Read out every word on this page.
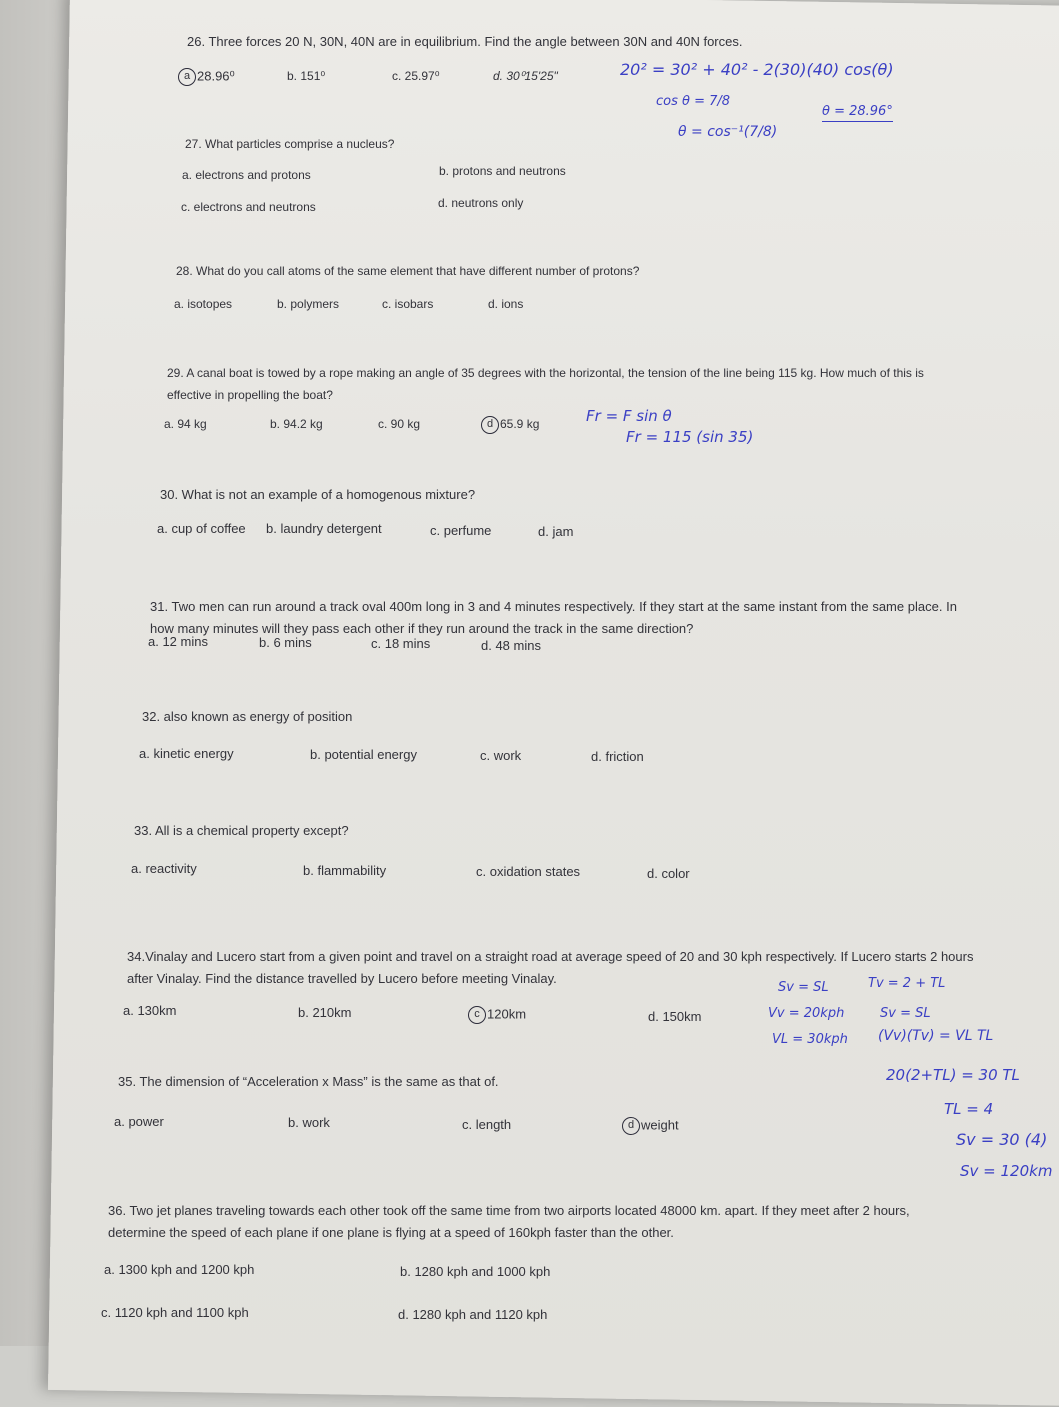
26. Three forces 20 N, 30N, 40N are in equilibrium. Find the angle between 30N and 40N forces.
a 28.96⁰	b. 151⁰	c. 25.97⁰	d. 30⁰15'25"	20² = 30² + 40² - 2(30)(40) cos(θ)
cos θ = 7/8
θ = cos⁻¹(7/8)
θ = 28.96°
27. What particles comprise a nucleus?
a. electrons and protons	b. protons and neutrons
c. electrons and neutrons	d. neutrons only
28. What do you call atoms of the same element that have different number of protons?
a. isotopes	b. polymers	c. isobars	d. ions
29. A canal boat is towed by a rope making an angle of 35 degrees with the horizontal, the tension of the line being 115 kg. How much of this is effective in propelling the boat?
a. 94 kg	b. 94.2 kg	c. 90 kg	d 65.9 kg	Fr = F sin θ
Fr = 115 (sin 35)
30. What is not an example of a homogenous mixture?
a. cup of coffee b. laundry detergent	c. perfume	d. jam
31. Two men can run around a track oval 400m long in 3 and 4 minutes respectively. If they start at the same instant from the same place. In how many minutes will they pass each other if they run around the track in the same direction?
a. 12 mins	b. 6 mins	c. 18 mins	d. 48 mins
32. also known as energy of position
a. kinetic energy	b. potential energy	c. work	d. friction
33. All is a chemical property except?
a. reactivity	b. flammability	c. oxidation states	d. color
34.Vinalay and Lucero start from a given point and travel on a straight road at average speed of 20 and 30 kph respectively. If Lucero starts 2 hours after Vinalay. Find the distance travelled by Lucero before meeting Vinalay.
a. 130km	b. 210km	c 120km	d. 150km
Sv = SL	Tv = 2 + TL
Vv = 20kph	Sv = SL
VL = 30kph (Vv)(Tv) = VL TL
20(2+TL) = 30 TL
TL = 4
Sv = 30 (4)
Sv = 120km
35. The dimension of “Acceleration x Mass” is the same as that of.
a. power	b. work	c. length	d weight
36. Two jet planes traveling towards each other took off the same time from two airports located 48000 km. apart. If they meet after 2 hours, determine the speed of each plane if one plane is flying at a speed of 160kph faster than the other.
a. 1300 kph and 1200 kph	b. 1280 kph and 1000 kph
c. 1120 kph and 1100 kph	d. 1280 kph and 1120 kph
